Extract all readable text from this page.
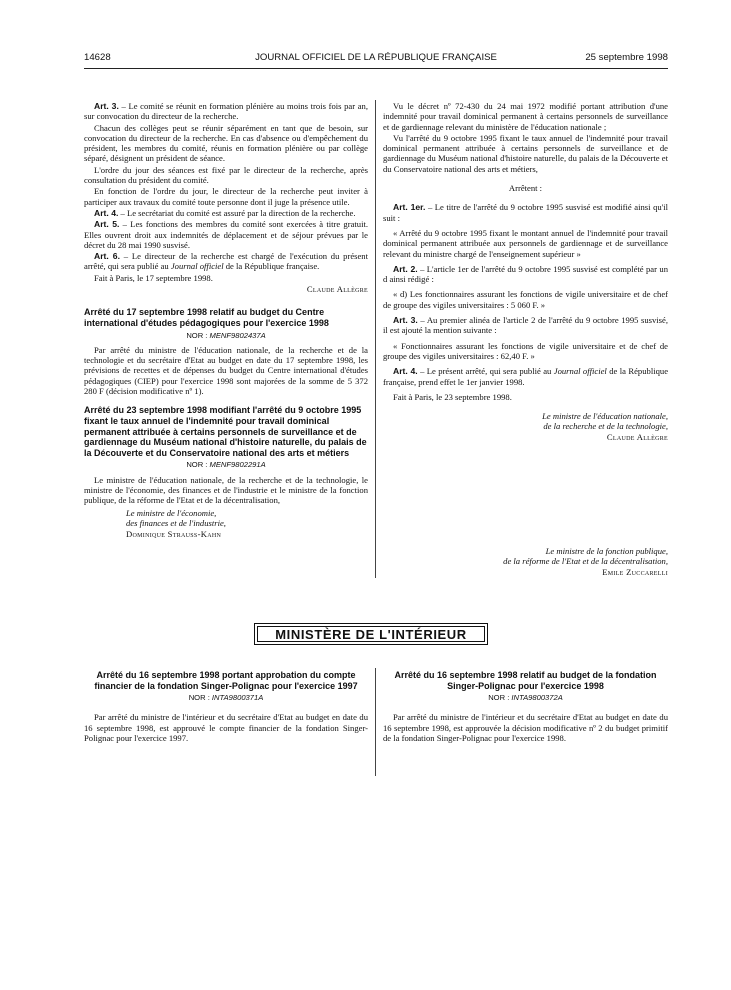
JOURNAL OFFICIEL DE LA RÉPUBLIQUE FRANÇAISE
14628	25 septembre 1998

Art. 3. – Le comité se réunit en formation plénière au moins trois fois par an, sur convocation du directeur de la recherche.

Chacun des collèges peut se réunir séparément en tant que de besoin, sur convocation du directeur de la recherche. En cas d'absence ou d'empêchement du président, les membres du comité, réunis en formation plénière ou par collège séparé, désignent un président de séance.

L'ordre du jour des séances est fixé par le directeur de la recherche, après consultation du président du comité.

En fonction de l'ordre du jour, le directeur de la recherche peut inviter à participer aux travaux du comité toute personne dont il juge la présence utile.

Art. 4. – Le secrétariat du comité est assuré par la direction de la recherche.

Art. 5. – Les fonctions des membres du comité sont exercées à titre gratuit. Elles ouvrent droit aux indemnités de déplacement et de séjour prévues par le décret du 28 mai 1990 susvisé.

Art. 6. – Le directeur de la recherche est chargé de l'exécution du présent arrêté, qui sera publié au Journal officiel de la République française.

Fait à Paris, le 17 septembre 1998.

Claude Allègre

Arrêté du 17 septembre 1998 relatif au budget du Centre international d'études pédagogiques pour l'exercice 1998

NOR : MENF9802437A

Par arrêté du ministre de l'éducation nationale, de la recherche et de la technologie et du secrétaire d'Etat au budget en date du 17 septembre 1998, les prévisions de recettes et de dépenses du budget du Centre international d'études pédagogiques (CIEP) pour l'exercice 1998 sont majorées de la somme de 5 372 280 F (décision modificative nº 1).

Arrêté du 23 septembre 1998 modifiant l'arrêté du 9 octobre 1995 fixant le taux annuel de l'indemnité pour travail dominical permanent attribuée à certains personnels de surveillance et de gardiennage du Muséum national d'histoire naturelle, du palais de la Découverte et du Conservatoire national des arts et métiers

NOR : MENF9802291A

Le ministre de l'éducation nationale, de la recherche et de la technologie, le ministre de l'économie, des finances et de l'industrie et le ministre de la fonction publique, de la réforme de l'Etat et de la décentralisation,

Vu le décret nº 72-430 du 24 mai 1972 modifié portant attribution d'une indemnité pour travail dominical permanent à certains personnels de surveillance et de gardiennage relevant du ministère de l'éducation nationale ;

Vu l'arrêté du 9 octobre 1995 fixant le taux annuel de l'indemnité pour travail dominical permanent attribuée à certains personnels de surveillance et de gardiennage du Muséum national d'histoire naturelle, du palais de la Découverte et du Conservatoire national des arts et métiers,

Arrêtent :

Art. 1er. – Le titre de l'arrêté du 9 octobre 1995 susvisé est modifié ainsi qu'il suit :

« Arrêté du 9 octobre 1995 fixant le montant annuel de l'indemnité pour travail dominical permanent attribuée aux personnels de gardiennage et de surveillance relevant du ministre chargé de l'enseignement supérieur »

Art. 2. – L'article 1er de l'arrêté du 9 octobre 1995 susvisé est complété par un d ainsi rédigé :

« d) Les fonctionnaires assurant les fonctions de vigile universitaire et de chef de groupe des vigiles universitaires : 5 060 F. »

Art. 3. – Au premier alinéa de l'article 2 de l'arrêté du 9 octobre 1995 susvisé, il est ajouté la mention suivante :

« Fonctionnaires assurant les fonctions de vigile universitaire et de chef de groupe des vigiles universitaires : 62,40 F. »

Art. 4. – Le présent arrêté, qui sera publié au Journal officiel de la République française, prend effet le 1er janvier 1998.

Fait à Paris, le 23 septembre 1998.

Le ministre de l'éducation nationale,
de la recherche et de la technologie,
Claude Allègre
Le ministre de l'économie,
des finances et de l'industrie,
Dominique Strauss-Kahn
Le ministre de la fonction publique,
de la réforme de l'Etat et de la décentralisation,
Emile Zuccarelli
MINISTÈRE DE L'INTÉRIEUR

Arrêté du 16 septembre 1998 portant approbation du compte financier de la fondation Singer-Polignac pour l'exercice 1997

NOR : INTA9800371A

Par arrêté du ministre de l'intérieur et du secrétaire d'Etat au budget en date du 16 septembre 1998, est approuvé le compte financier de la fondation Singer-Polignac pour l'exercice 1997.

Arrêté du 16 septembre 1998 relatif au budget de la fondation Singer-Polignac pour l'exercice 1998

NOR : INTA9800372A

Par arrêté du ministre de l'intérieur et du secrétaire d'Etat au budget en date du 16 septembre 1998, est approuvée la décision modificative nº 2 du budget primitif de la fondation Singer-Polignac pour l'exercice 1998.
